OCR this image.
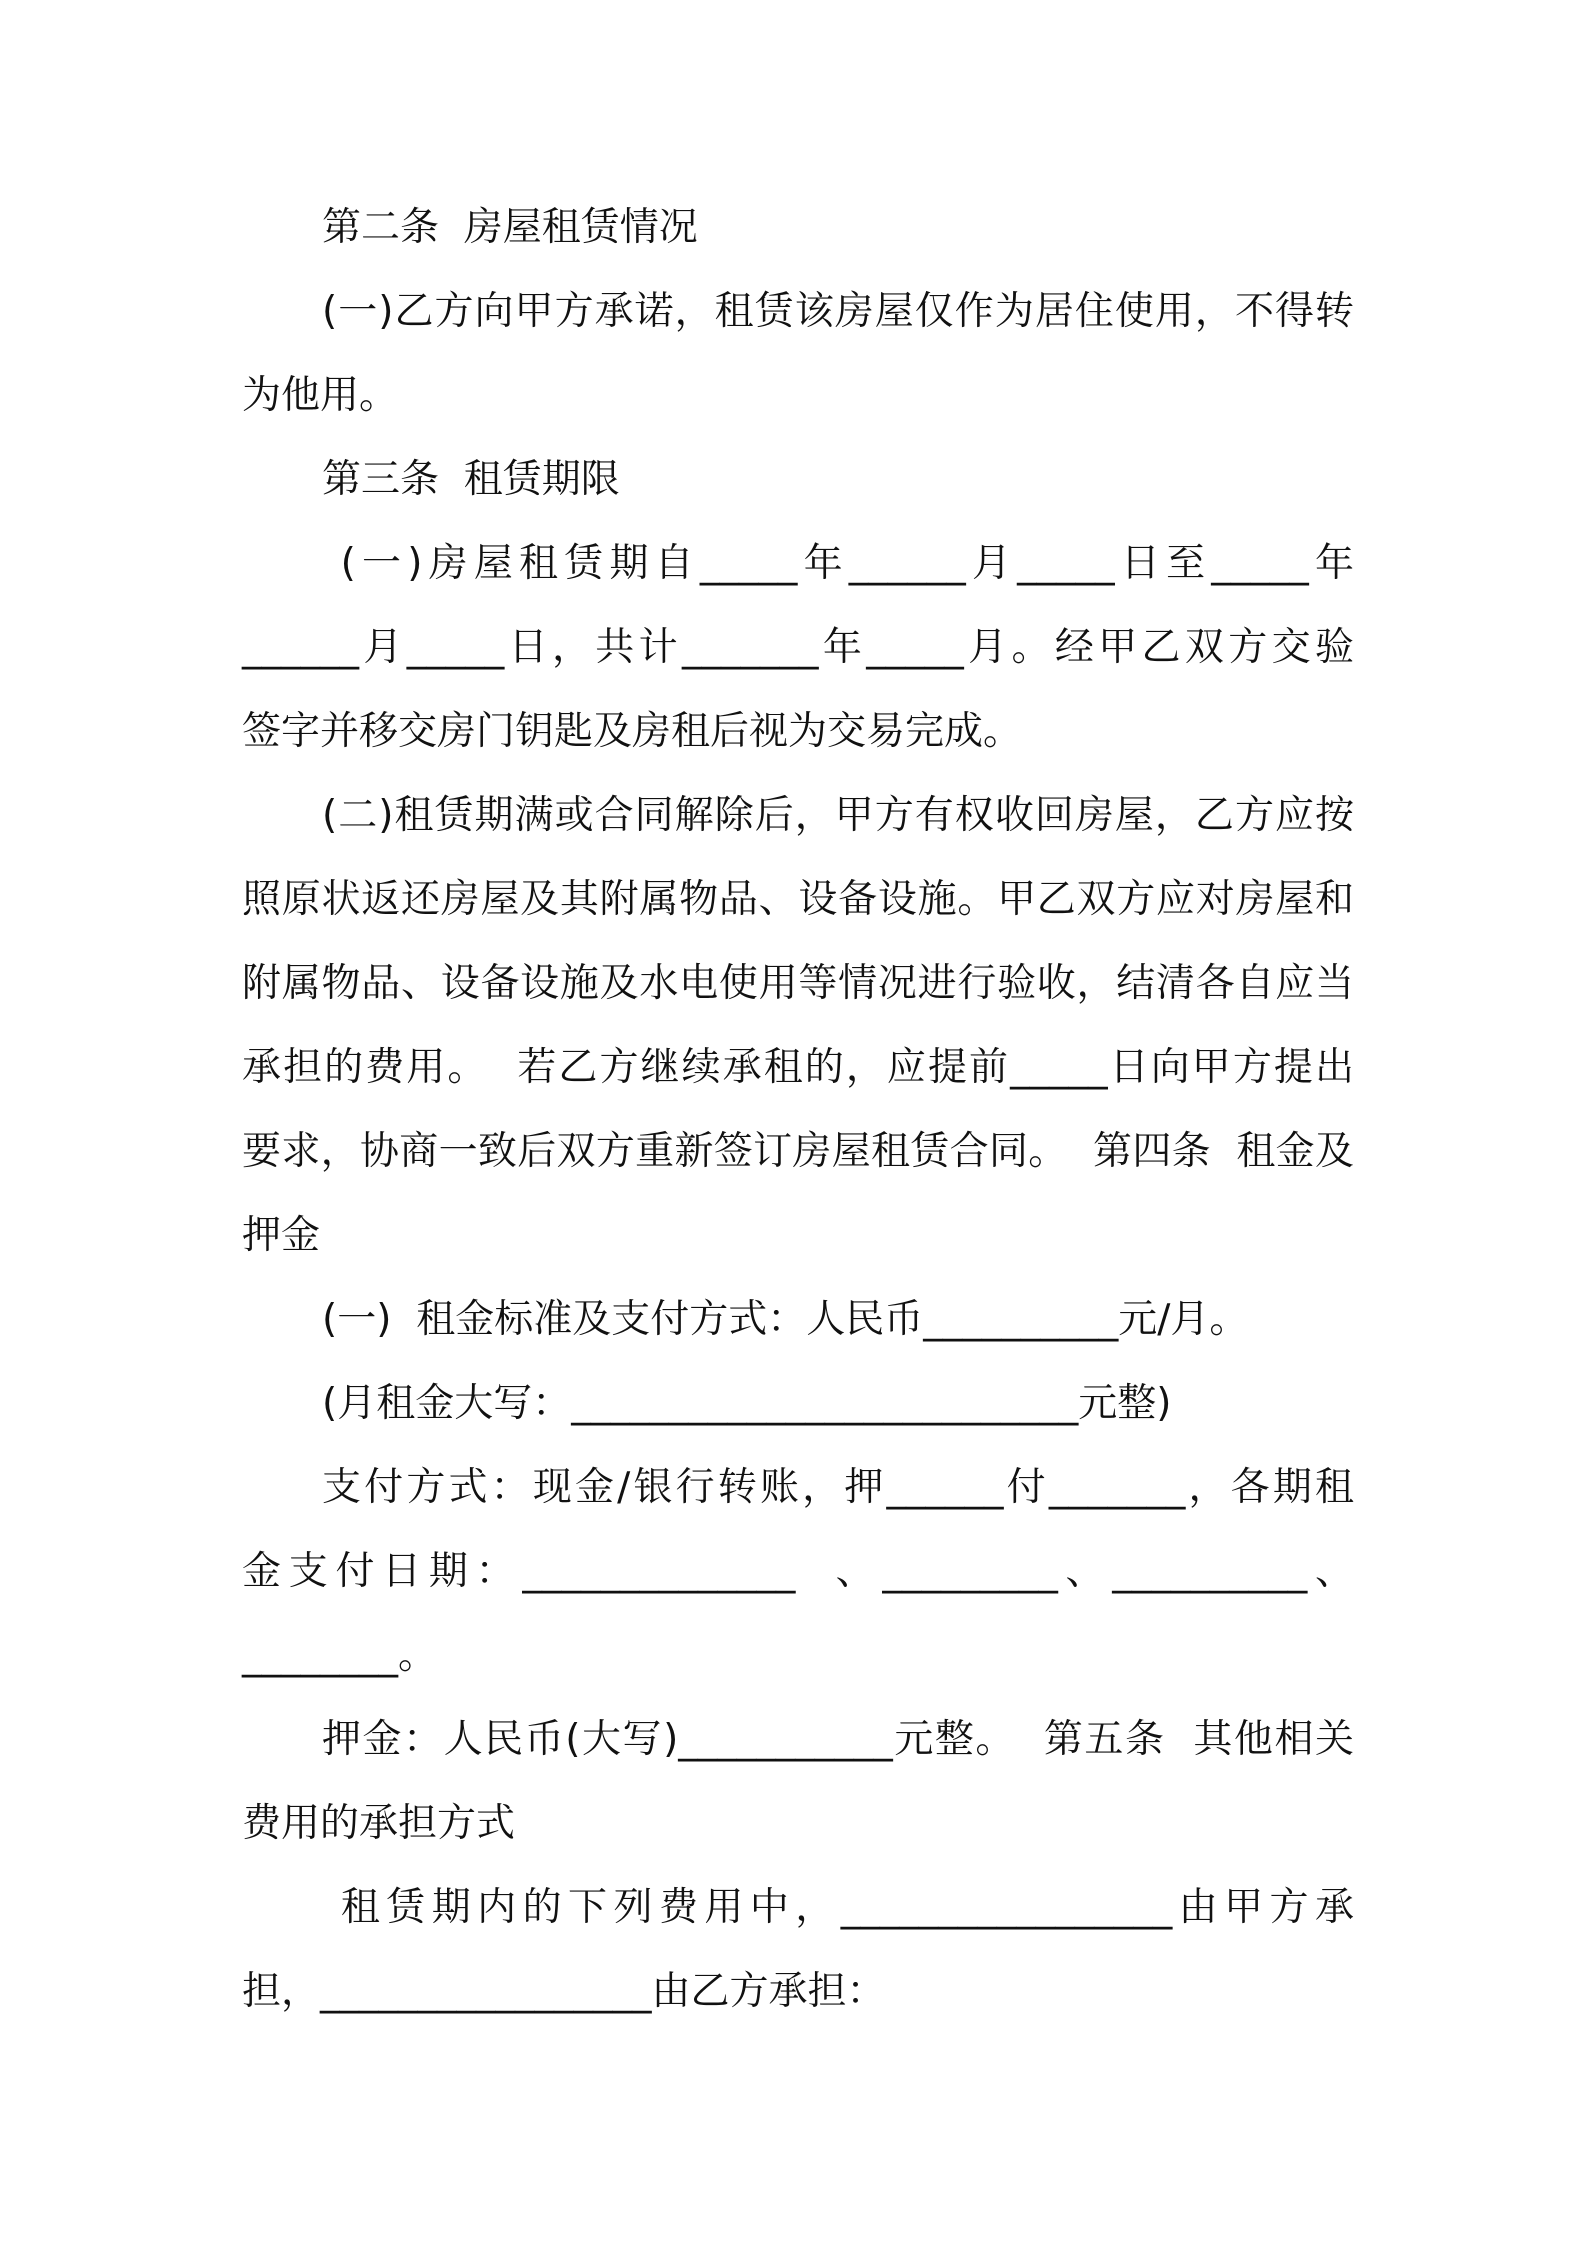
第二条  房屋租赁情况

(一)乙方向甲方承诺，租赁该房屋仅作为居住使用，不得转

为他用。

第三条  租赁期限

(一)房屋租赁期自_____年______月_____日至_____年

______月_____日，共计_______年_____月。经甲乙双方交验

签字并移交房门钥匙及房租后视为交易完成。

(二)租赁期满或合同解除后，甲方有权收回房屋，乙方应按

照原状返还房屋及其附属物品、设备设施。甲乙双方应对房屋和

附属物品、设备设施及水电使用等情况进行验收，结清各自应当

承担的费用。  若乙方继续承租的，应提前_____日向甲方提出

要求，协商一致后双方重新签订房屋租赁合同。  第四条  租金及

押金

(一)  租金标准及支付方式：人民币__________元/月。

(月租金大写：__________________________元整)

支付方式：现金/银行转账，押______付_______，各期租

金支付日期：______________  、_________、__________、

________。

押金：人民币(大写)___________元整。  第五条  其他相关

费用的承担方式

租赁期内的下列费用中，_________________由甲方承

担，_________________由乙方承担：
